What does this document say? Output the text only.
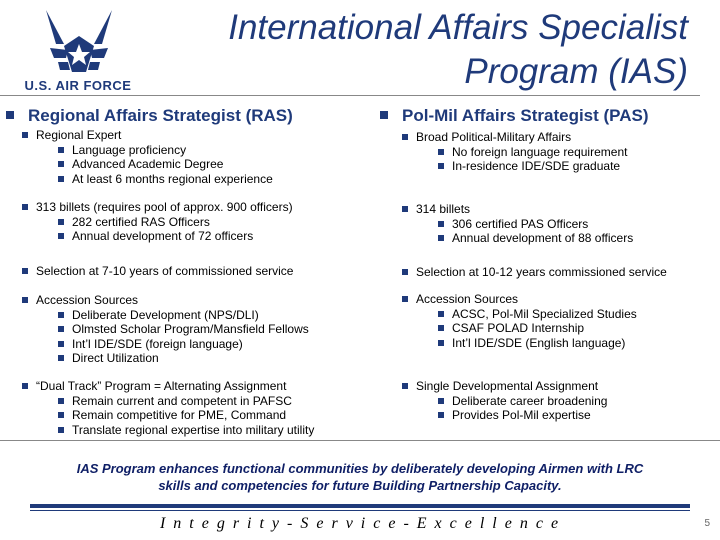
U.S. AIR FORCE
International Affairs Specialist
Program (IAS)
Regional Affairs Strategist (RAS)	Pol-Mil Affairs Strategist (PAS)
Regional Expert
Language proficiency
Advanced Academic Degree
At least 6 months regional experience
313 billets (requires pool of approx. 900 officers)
282 certified RAS Officers
Annual development of 72 officers
Selection at 7-10 years of commissioned service
Accession Sources
Deliberate Development (NPS/DLI)
Olmsted Scholar Program/Mansfield Fellows
Int’l IDE/SDE (foreign language)
Direct Utilization
“Dual Track” Program = Alternating Assignment
Remain current and competent in PAFSC
Remain competitive for PME, Command
Translate regional expertise into military utility
Broad Political-Military Affairs
No foreign language requirement
In-residence IDE/SDE graduate
314 billets
306 certified PAS Officers
Annual development of 88 officers
Selection at 10-12 years commissioned service
Accession Sources
ACSC, Pol-Mil Specialized Studies
CSAF POLAD Internship
Int’l IDE/SDE (English language)
Single Developmental Assignment
Deliberate career broadening
Provides Pol-Mil expertise
IAS Program enhances functional communities by deliberately developing Airmen with LRC
skills and competencies for future Building Partnership Capacity.
I n t e g r i t y - S e r v i c e - E x c e l l e n c e	5
